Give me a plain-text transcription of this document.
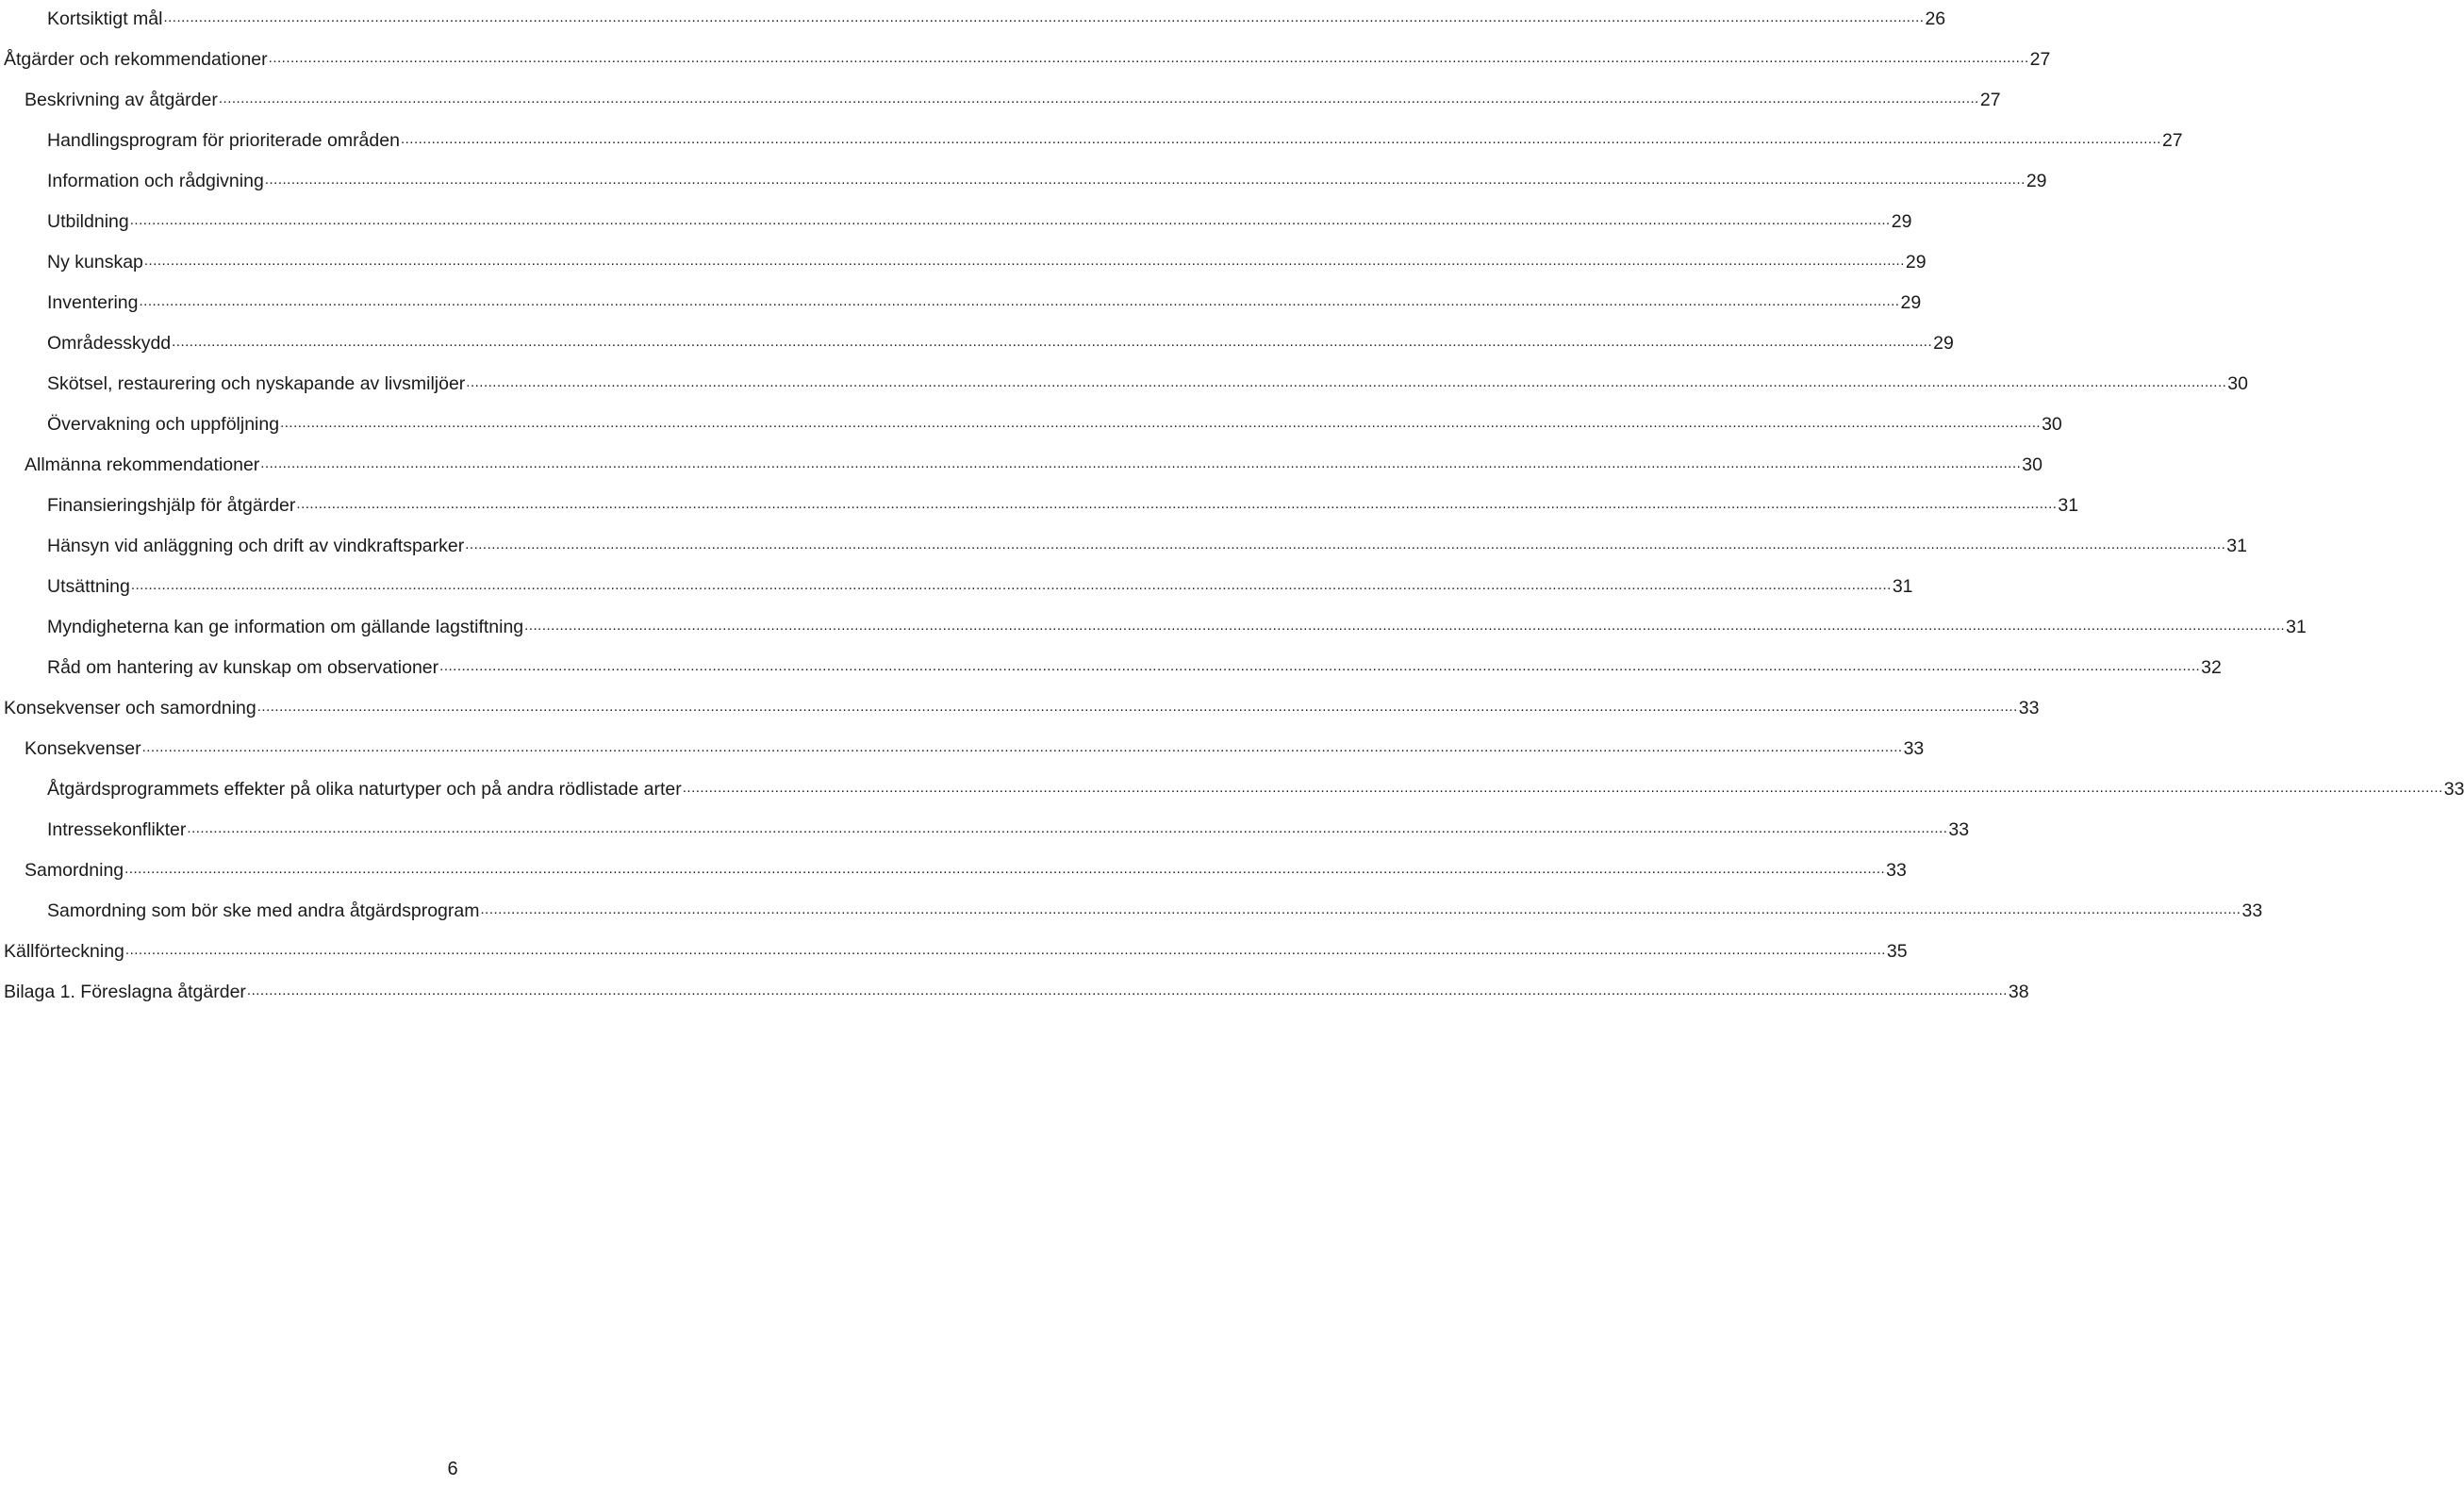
Kortsiktigt mål ................................................................................................................................................................................................................................................................................................................................................................................................................ 26
Åtgärder och rekommendationer ................................................................................................................................................................................................................................................................................................................................................................................................................ 27
Beskrivning av åtgärder ................................................................................................................................................................................................................................................................................................................................................................................................................ 27
Handlingsprogram för prioriterade områden ................................................................................................................................................................................................................................................................................................................................................................................................................ 27
Information och rådgivning ................................................................................................................................................................................................................................................................................................................................................................................................................ 29
Utbildning ................................................................................................................................................................................................................................................................................................................................................................................................................ 29
Ny kunskap ................................................................................................................................................................................................................................................................................................................................................................................................................ 29
Inventering ................................................................................................................................................................................................................................................................................................................................................................................................................ 29
Områdesskydd ................................................................................................................................................................................................................................................................................................................................................................................................................ 29
Skötsel, restaurering och nyskapande av livsmiljöer ................................................................................................................................................................................................................................................................................................................................................................................................................ 30
Övervakning och uppföljning ................................................................................................................................................................................................................................................................................................................................................................................................................ 30
Allmänna rekommendationer ................................................................................................................................................................................................................................................................................................................................................................................................................ 30
Finansieringshjälp för åtgärder ................................................................................................................................................................................................................................................................................................................................................................................................................ 31
Hänsyn vid anläggning och drift av vindkraftsparker ................................................................................................................................................................................................................................................................................................................................................................................................................ 31
Utsättning ................................................................................................................................................................................................................................................................................................................................................................................................................ 31
Myndigheterna kan ge information om gällande lagstiftning ................................................................................................................................................................................................................................................................................................................................................................................................................ 31
Råd om hantering av kunskap om observationer ................................................................................................................................................................................................................................................................................................................................................................................................................ 32
Konsekvenser och samordning ................................................................................................................................................................................................................................................................................................................................................................................................................ 33
Konsekvenser ................................................................................................................................................................................................................................................................................................................................................................................................................ 33
Åtgärdsprogrammets effekter på olika naturtyper och på andra rödlistade arter ................................................................................................................................................................................................................................................................................................................................................................................................................ 33
Intressekonflikter ................................................................................................................................................................................................................................................................................................................................................................................................................ 33
Samordning ................................................................................................................................................................................................................................................................................................................................................................................................................ 33
Samordning som bör ske med andra åtgärdsprogram ................................................................................................................................................................................................................................................................................................................................................................................................................ 33
Källförteckning ................................................................................................................................................................................................................................................................................................................................................................................................................ 35
Bilaga 1. Föreslagna åtgärder ................................................................................................................................................................................................................................................................................................................................................................................................................ 38
6
